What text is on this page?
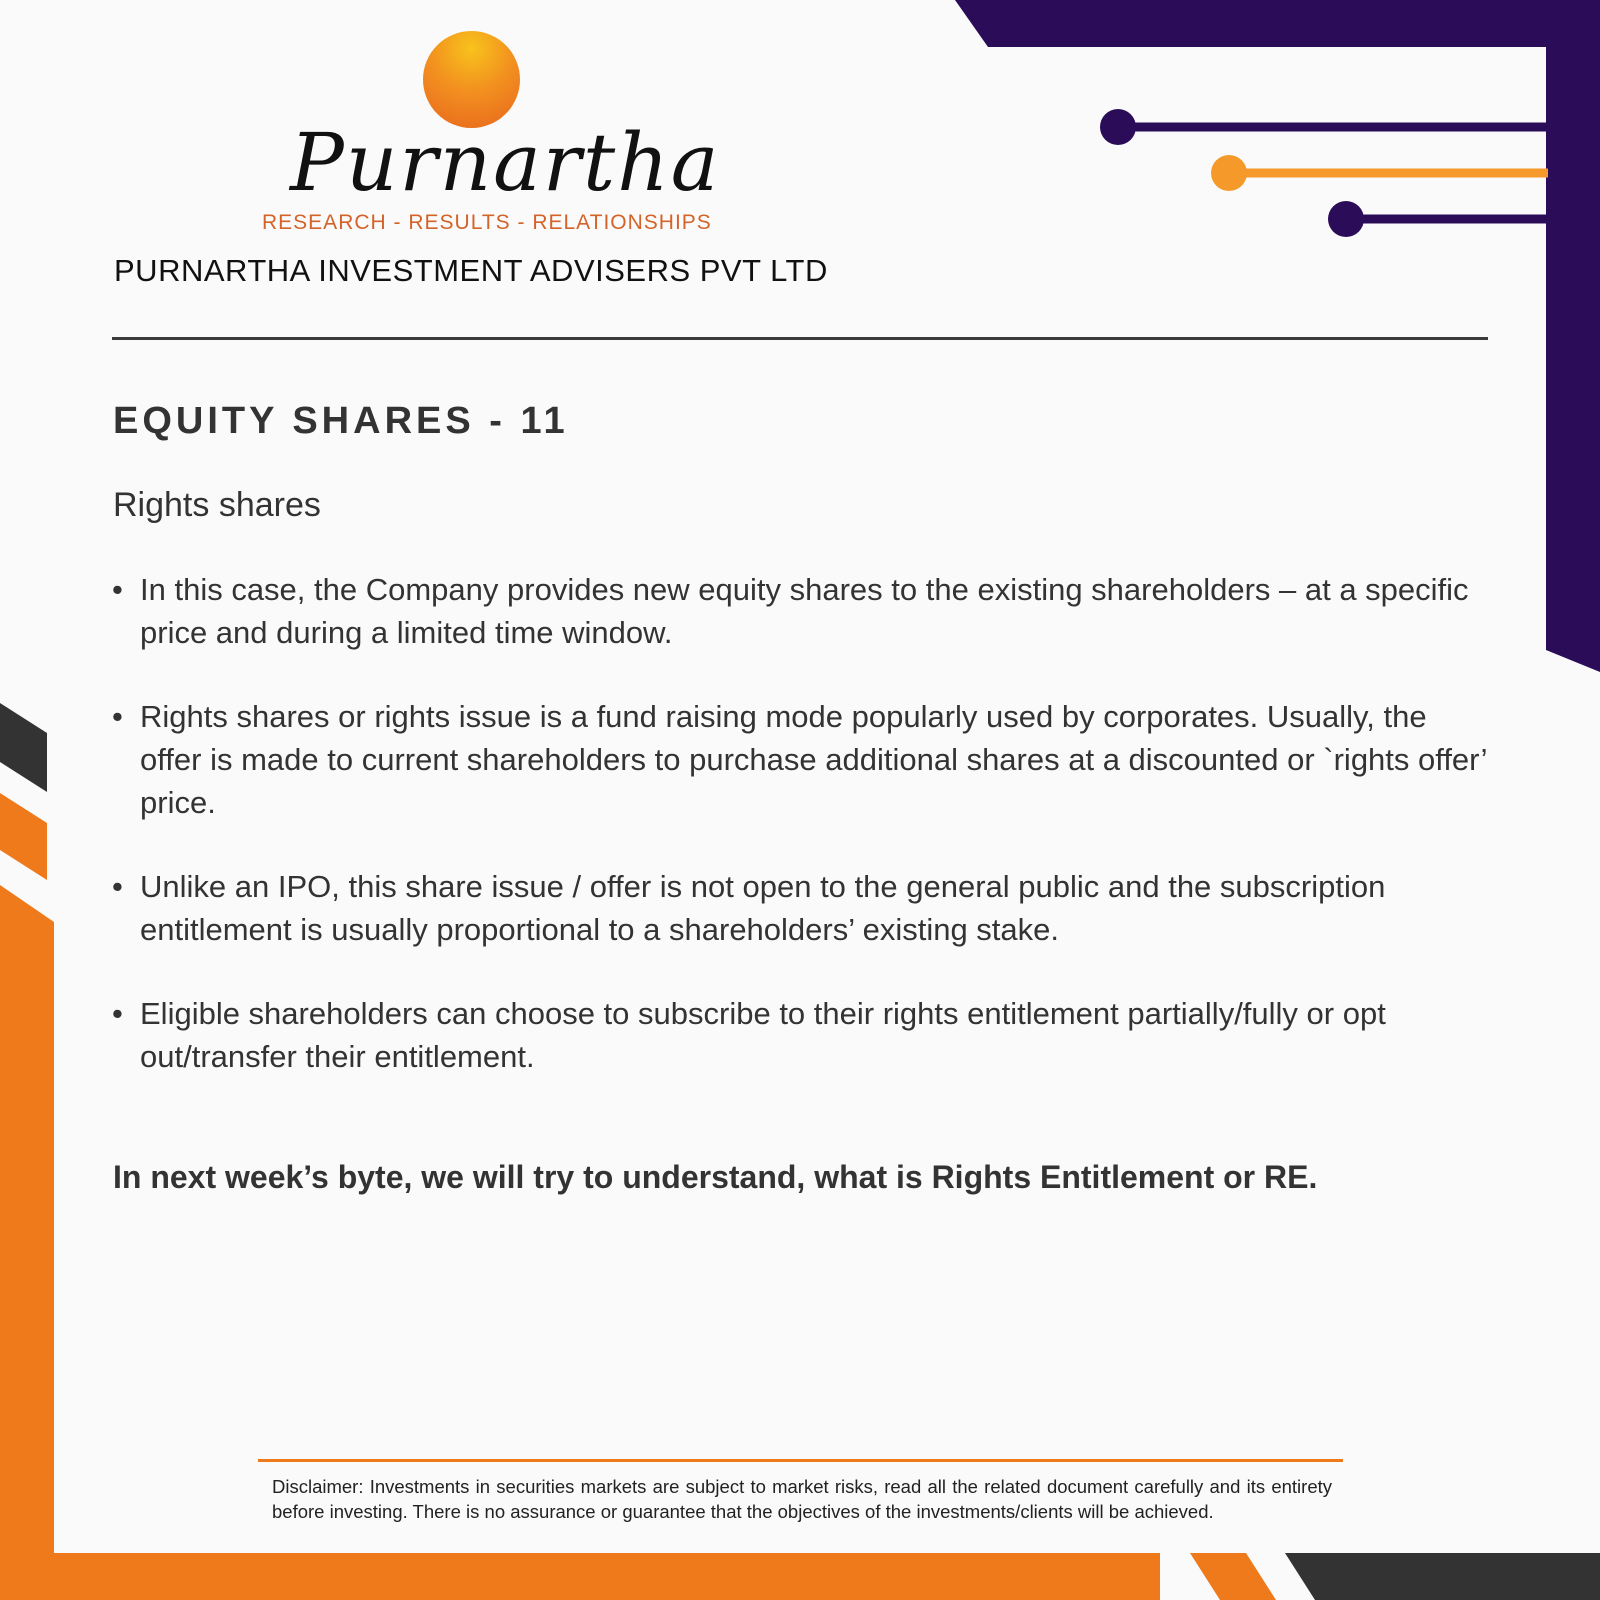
Purnartha
RESEARCH - RESULTS - RELATIONSHIPS
PURNARTHA INVESTMENT ADVISERS PVT LTD
EQUITY SHARES - 11
Rights shares
• In this case, the Company provides new equity shares to the existing shareholders – at a specific price and during a limited time window.
• Rights shares or rights issue is a fund raising mode popularly used by corporates. Usually, the offer is made to current shareholders to purchase additional shares at a discounted or `rights offer’ price.
• Unlike an IPO, this share issue / offer is not open to the general public and the subscription entitlement is usually proportional to a shareholders’ existing stake.
• Eligible shareholders can choose to subscribe to their rights entitlement partially/fully or opt out/transfer their entitlement.
In next week’s byte, we will try to understand, what is Rights Entitlement or RE.
Disclaimer: Investments in securities markets are subject to market risks, read all the related document carefully and its entirety before investing. There is no assurance or guarantee that the objectives of the investments/clients will be achieved.
